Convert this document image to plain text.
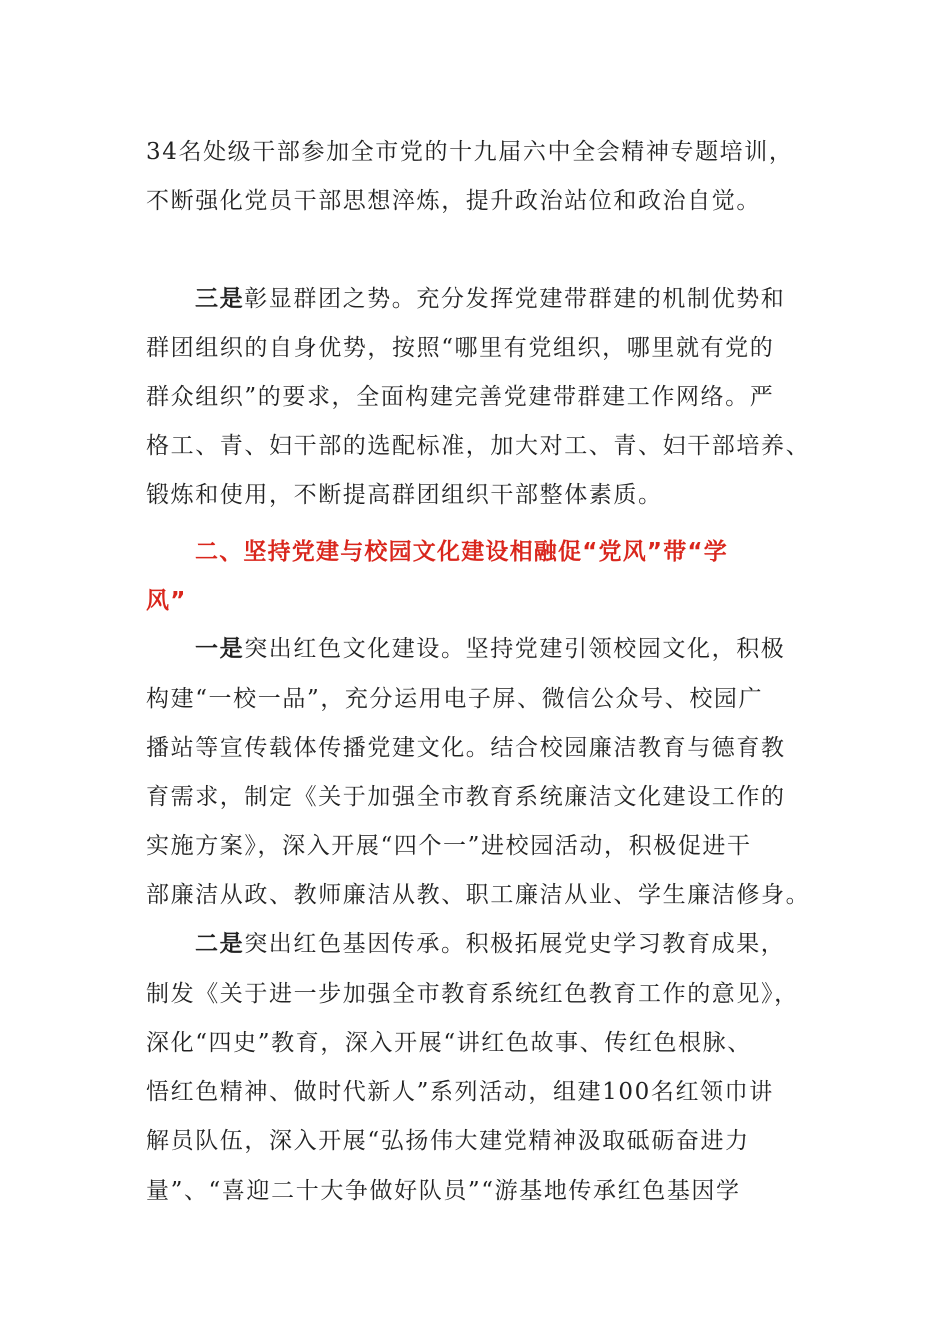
34名处级干部参加全市党的十九届六中全会精神专题培训，
不断强化党员干部思想淬炼，提升政治站位和政治自觉。
三是彰显群团之势。充分发挥党建带群建的机制优势和
群团组织的自身优势，按照“哪里有党组织，哪里就有党的
群众组织”的要求，全面构建完善党建带群建工作网络。严
格工、青、妇干部的选配标准，加大对工、青、妇干部培养、
锻炼和使用，不断提高群团组织干部整体素质。
二、坚持党建与校园文化建设相融促“党风”带“学
风”
一是突出红色文化建设。坚持党建引领校园文化，积极
构建“一校一品”，充分运用电子屏、微信公众号、校园广
播站等宣传载体传播党建文化。结合校园廉洁教育与德育教
育需求，制定《关于加强全市教育系统廉洁文化建设工作的
实施方案》，深入开展“四个一”进校园活动，积极促进干
部廉洁从政、教师廉洁从教、职工廉洁从业、学生廉洁修身。
二是突出红色基因传承。积极拓展党史学习教育成果，
制发《关于进一步加强全市教育系统红色教育工作的意见》，
深化“四史”教育，深入开展“讲红色故事、传红色根脉、
悟红色精神、做时代新人”系列活动，组建100名红领巾讲
解员队伍，深入开展“弘扬伟大建党精神汲取砥砺奋进力
量”、“喜迎二十大争做好队员”“游基地传承红色基因学
